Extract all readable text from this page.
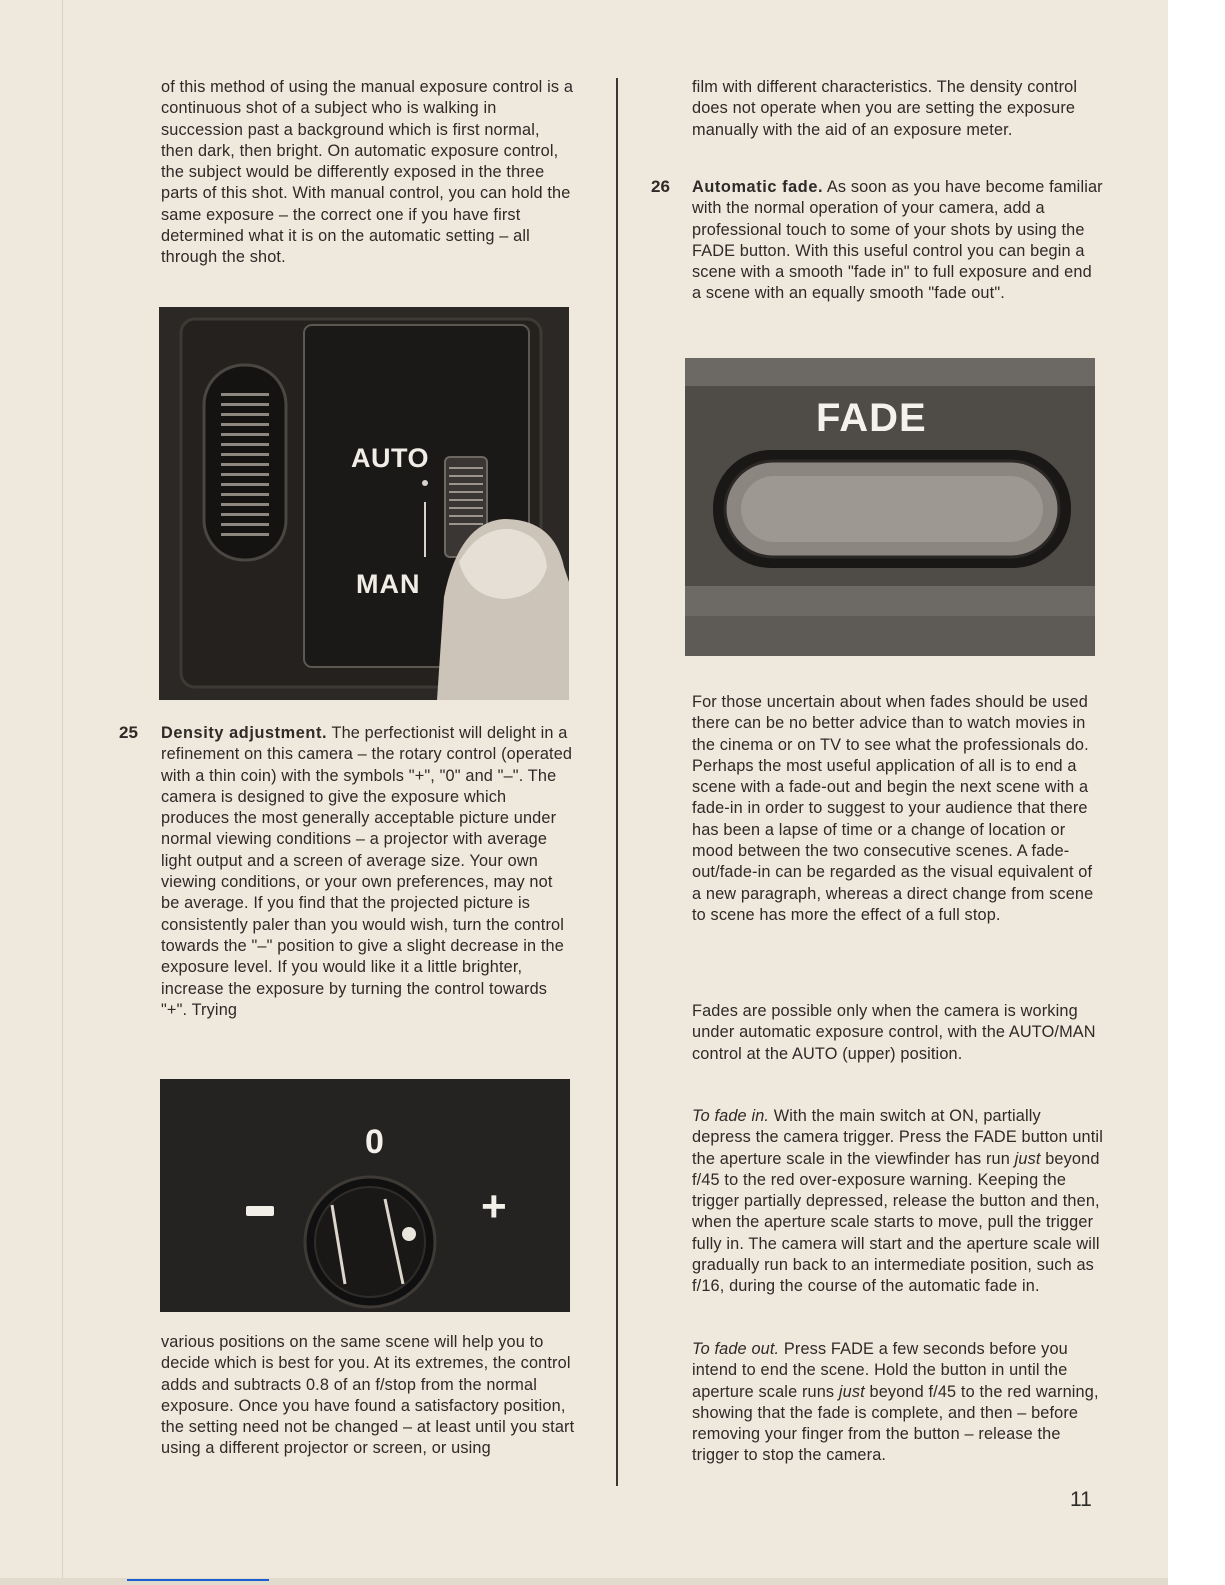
of this method of using the manual exposure control is a continuous shot of a subject who is walking in succession past a background which is first normal, then dark, then bright. On automatic exposure control, the subject would be differently exposed in the three parts of this shot. With manual control, you can hold the same exposure – the correct one if you have first determined what it is on the automatic setting – all through the shot.

AUTO
MAN
25 Density adjustment. The perfectionist will delight in a refinement on this camera – the rotary control (operated with a thin coin) with the symbols "+", "0" and "–". The camera is designed to give the exposure which produces the most generally acceptable picture under normal viewing conditions – a projector with average light output and a screen of average size. Your own viewing conditions, or your own preferences, may not be average. If you find that the projected picture is consistently paler than you would wish, turn the control towards the "–" position to give a slight decrease in the exposure level. If you would like it a little brighter, increase the exposure by turning the control towards "+". Trying

0
+

various positions on the same scene will help you to decide which is best for you. At its extremes, the control adds and subtracts 0.8 of an f/stop from the normal exposure. Once you have found a satisfactory position, the setting need not be changed – at least until you start using a different projector or screen, or using

film with different characteristics. The density control does not operate when you are setting the exposure manually with the aid of an exposure meter.

26 Automatic fade. As soon as you have become familiar with the normal operation of your camera, add a professional touch to some of your shots by using the FADE button. With this useful control you can begin a scene with a smooth "fade in" to full exposure and end a scene with an equally smooth "fade out".

FADE

For those uncertain about when fades should be used there can be no better advice than to watch movies in the cinema or on TV to see what the professionals do. Perhaps the most useful application of all is to end a scene with a fade-out and begin the next scene with a fade-in in order to suggest to your audience that there has been a lapse of time or a change of location or mood between the two consecutive scenes. A fade-out/fade-in can be regarded as the visual equivalent of a new paragraph, whereas a direct change from scene to scene has more the effect of a full stop.

Fades are possible only when the camera is working under automatic exposure control, with the AUTO/MAN control at the AUTO (upper) position.

To fade in. With the main switch at ON, partially depress the camera trigger. Press the FADE button until the aperture scale in the viewfinder has run just beyond f/45 to the red over-exposure warning. Keeping the trigger partially depressed, release the button and then, when the aperture scale starts to move, pull the trigger fully in. The camera will start and the aperture scale will gradually run back to an intermediate position, such as f/16, during the course of the automatic fade in.

To fade out. Press FADE a few seconds before you intend to end the scene. Hold the button in until the aperture scale runs just beyond f/45 to the red warning, showing that the fade is complete, and then – before removing your finger from the button – release the trigger to stop the camera.

11
